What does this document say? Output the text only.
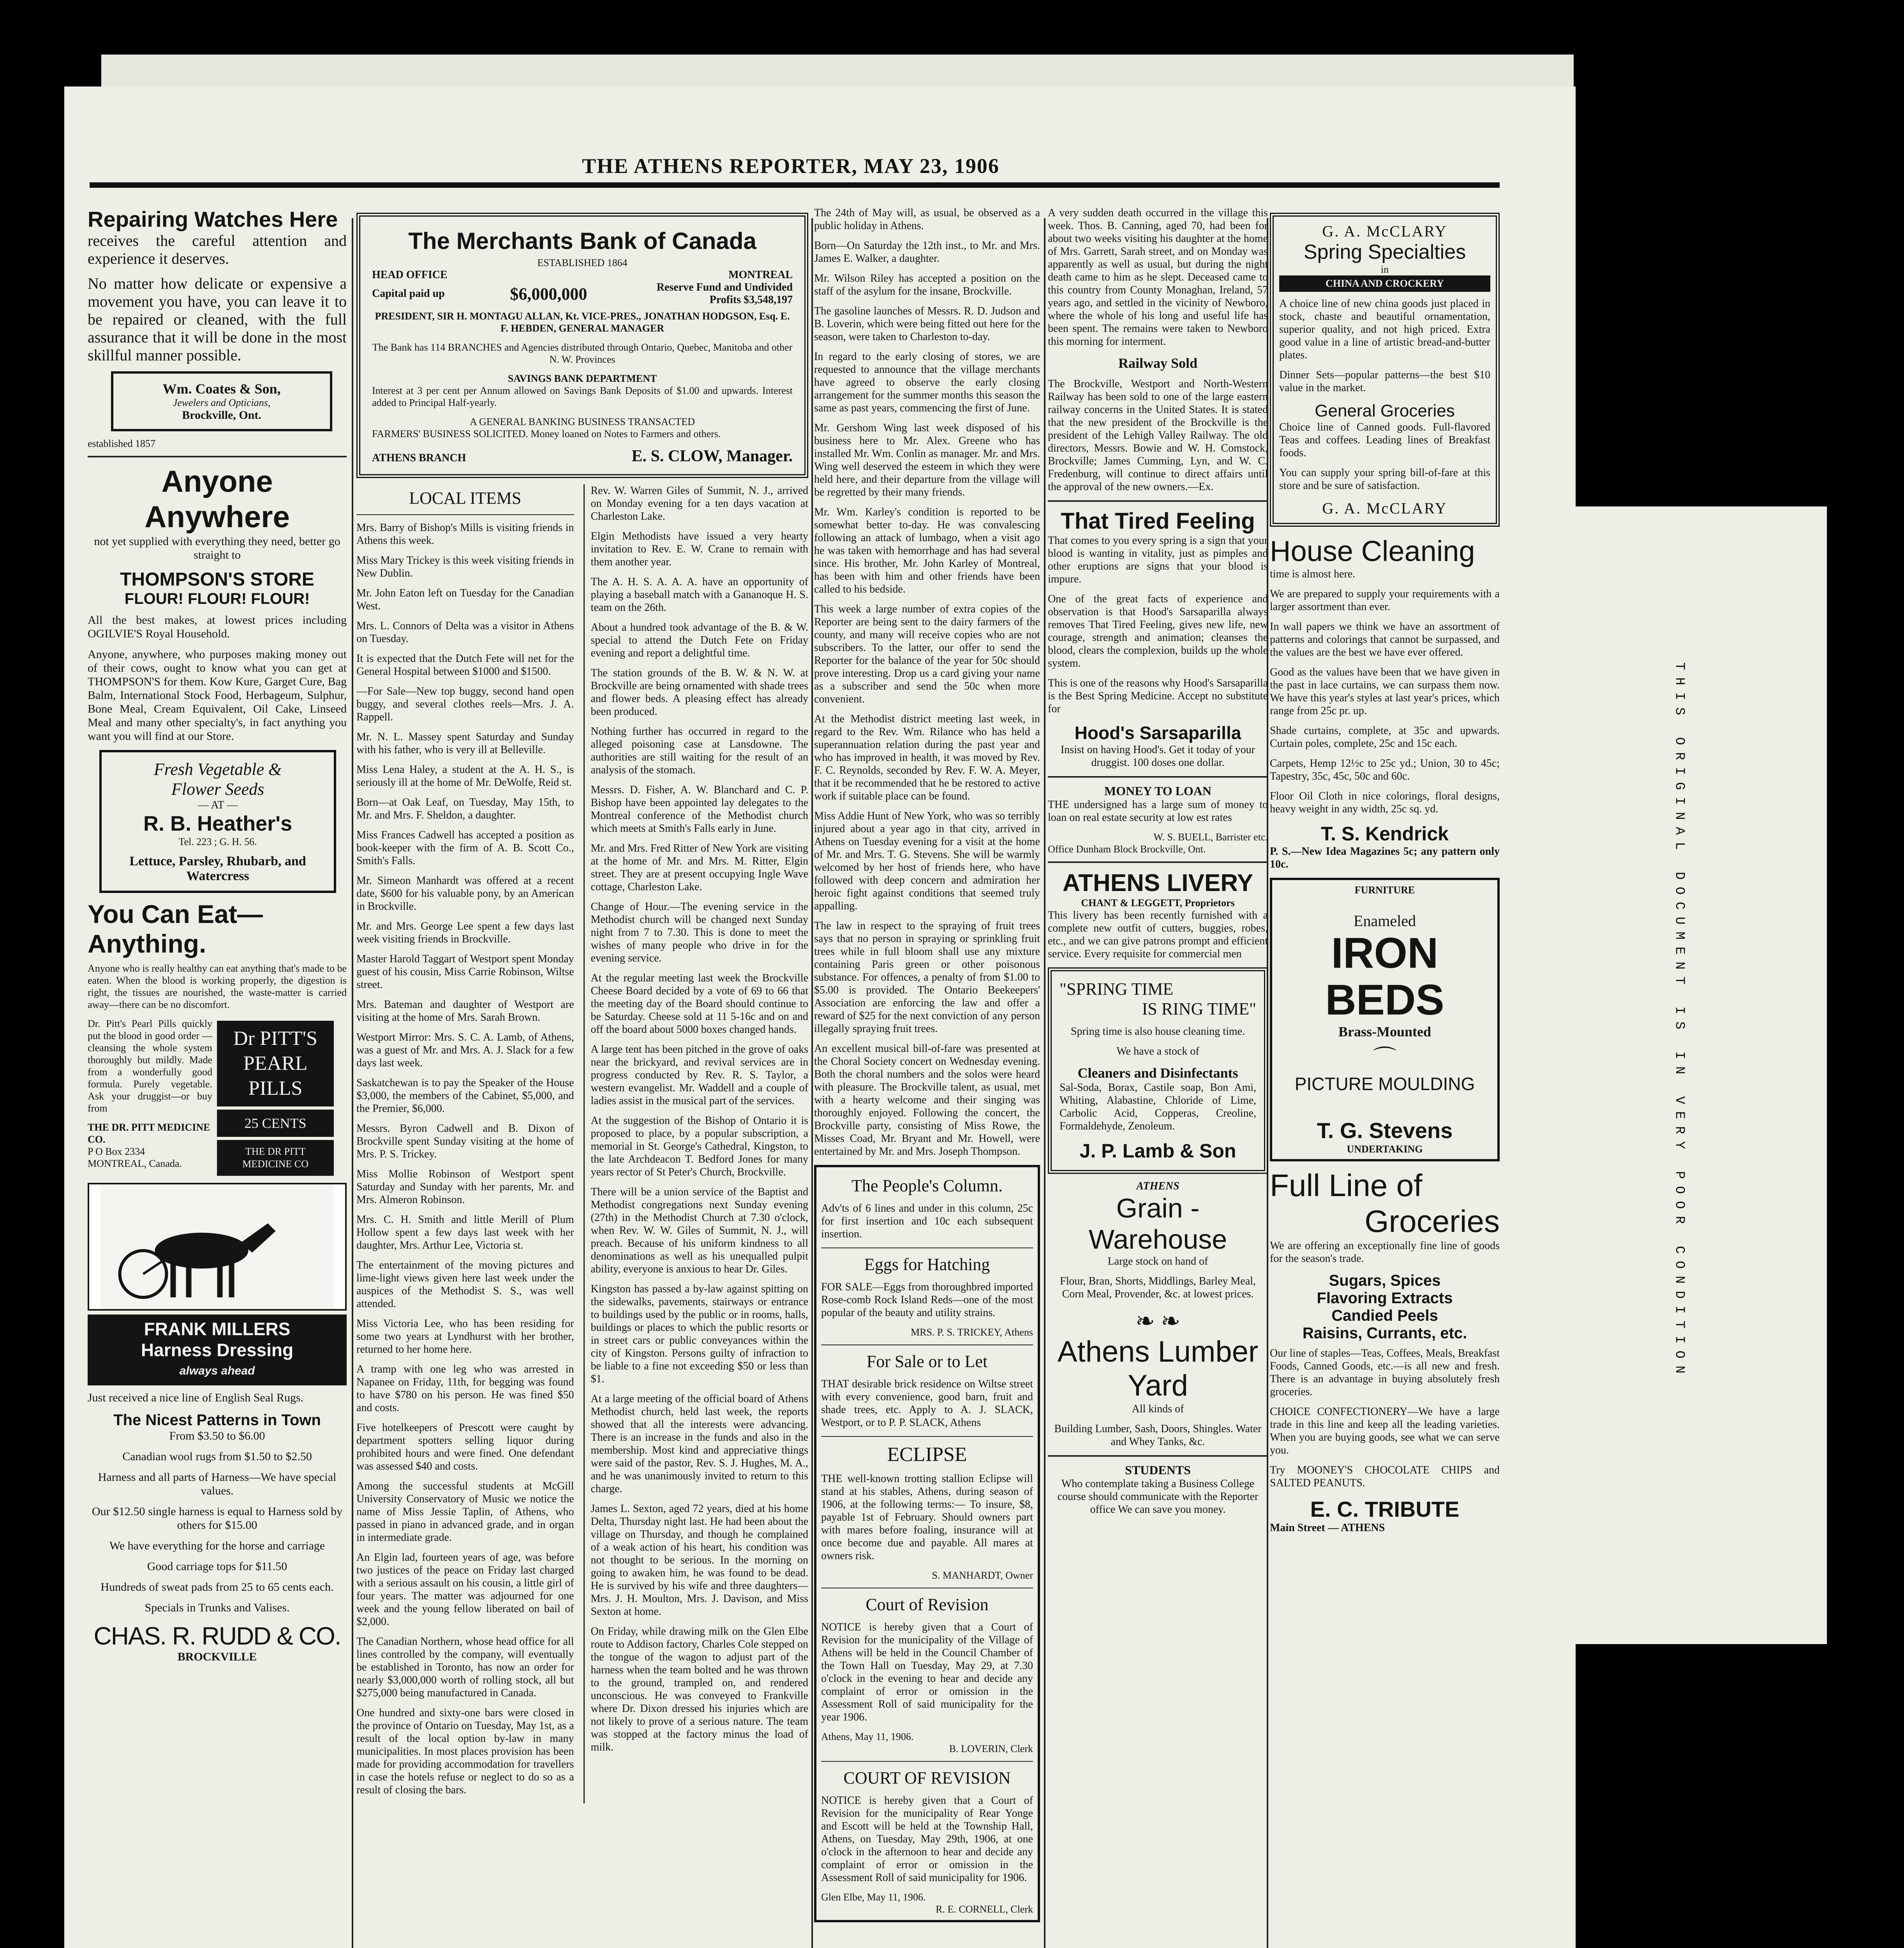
THE ATHENS REPORTER, MAY 23, 1906
Repairing Watches Here

receives the careful attention and experience it deserves.

No matter how delicate or expensive a movement you have, you can leave it to be repaired or cleaned, with the full assurance that it will be done in the most skillful manner possible.

Wm. Coates & Son,
Jewelers and Opticians,
Brockville, Ont.
established 1857
Anyone
Anywhere

not yet supplied with everything they need, better go straight to

THOMPSON'S STORE
FLOUR! FLOUR! FLOUR!

All the best makes, at lowest prices including OGILVIE'S Royal Household.

Anyone, anywhere, who purposes making money out of their cows, ought to know what you can get at THOMPSON'S for them. Kow Kure, Garget Cure, Bag Balm, International Stock Food, Herbageum, Sulphur, Bone Meal, Cream Equivalent, Oil Cake, Linseed Meal and many other specialty's, in fact anything you want you will find at our Store.

Fresh Vegetable &
Flower Seeds
— AT —
R. B. Heather's
Tel. 223 ; G. H. 56.
Lettuce, Parsley, Rhubarb, and Watercress
You Can Eat—
Anything.

Anyone who is really healthy can eat anything that's made to be eaten. When the blood is working properly, the digestion is right, the tissues are nourished, the waste-matter is carried away—there can be no discomfort.

Dr. Pitt's Pearl Pills quickly put the blood in good order — cleansing the whole system thoroughly but mildly. Made from a wonderfully good formula. Purely vegetable. Ask your druggist—or buy from

THE DR. PITT MEDICINE CO.
P O Box 2334
MONTREAL, Canada.
Dr PITT'S PEARL PILLS
25 CENTS
THE DR PITT MEDICINE CO
FRANK MILLERS
Harness Dressing
always ahead

Just received a nice line of English Seal Rugs.

The Nicest Patterns in Town

From $3.50 to $6.00

Canadian wool rugs from $1.50 to $2.50

Harness and all parts of Harness—We have special values.

Our $12.50 single harness is equal to Harness sold by others for $15.00

We have everything for the horse and carriage

Good carriage tops for $11.50

Hundreds of sweat pads from 25 to 65 cents each.

Specials in Trunks and Valises.

CHAS. R. RUDD & CO.
BROCKVILLE
The Merchants Bank of Canada
ESTABLISHED 1864
HEAD OFFICE	MONTREAL
Capital paid up	$6,000,000	Reserve Fund and Undivided Profits $3,548,197

PRESIDENT, SIR H. MONTAGU ALLAN, Kt. VICE-PRES., JONATHAN HODGSON, Esq. E. F. HEBDEN, GENERAL MANAGER

The Bank has 114 BRANCHES and Agencies distributed through Ontario, Quebec, Manitoba and other N. W. Provinces

SAVINGS BANK DEPARTMENT

Interest at 3 per cent per Annum allowed on Savings Bank Deposits of $1.00 and upwards. Interest added to Principal Half-yearly.

A GENERAL BANKING BUSINESS TRANSACTED

FARMERS' BUSINESS SOLICITED. Money loaned on Notes to Farmers and others.

ATHENS BRANCH	E. S. CLOW, Manager.
LOCAL ITEMS

Mrs. Barry of Bishop's Mills is visiting friends in Athens this week.

Miss Mary Trickey is this week visiting friends in New Dublin.

Mr. John Eaton left on Tuesday for the Canadian West.

Mrs. L. Connors of Delta was a visitor in Athens on Tuesday.

It is expected that the Dutch Fete will net for the General Hospital between $1000 and $1500.

—For Sale—New top buggy, second hand open buggy, and several clothes reels—Mrs. J. A. Rappell.

Mr. N. L. Massey spent Saturday and Sunday with his father, who is very ill at Belleville.

Miss Lena Haley, a student at the A. H. S., is seriously ill at the home of Mr. DeWolfe, Reid st.

Born—at Oak Leaf, on Tuesday, May 15th, to Mr. and Mrs. F. Sheldon, a daughter.

Miss Frances Cadwell has accepted a position as book-keeper with the firm of A. B. Scott Co., Smith's Falls.

Mr. Simeon Manhardt was offered at a recent date, $600 for his valuable pony, by an American in Brockville.

Mr. and Mrs. George Lee spent a few days last week visiting friends in Brockville.

Master Harold Taggart of Westport spent Monday guest of his cousin, Miss Carrie Robinson, Wiltse street.

Mrs. Bateman and daughter of Westport are visiting at the home of Mrs. Sarah Brown.

Westport Mirror: Mrs. S. C. A. Lamb, of Athens, was a guest of Mr. and Mrs. A. J. Slack for a few days last week.

Saskatchewan is to pay the Speaker of the House $3,000, the members of the Cabinet, $5,000, and the Premier, $6,000.

Messrs. Byron Cadwell and B. Dixon of Brockville spent Sunday visiting at the home of Mrs. P. S. Trickey.

Miss Mollie Robinson of Westport spent Saturday and Sunday with her parents, Mr. and Mrs. Almeron Robinson.

Mrs. C. H. Smith and little Merill of Plum Hollow spent a few days last week with her daughter, Mrs. Arthur Lee, Victoria st.

The entertainment of the moving pictures and lime-light views given here last week under the auspices of the Methodist S. S., was well attended.

Miss Victoria Lee, who has been residing for some two years at Lyndhurst with her brother, returned to her home here.

A tramp with one leg who was arrested in Napanee on Friday, 11th, for begging was found to have $780 on his person. He was fined $50 and costs.

Five hotelkeepers of Prescott were caught by department spotters selling liquor during prohibited hours and were fined. One defendant was assessed $40 and costs.

Among the successful students at McGill University Conservatory of Music we notice the name of Miss Jessie Taplin, of Athens, who passed in piano in advanced grade, and in organ in intermediate grade.

An Elgin lad, fourteen years of age, was before two justices of the peace on Friday last charged with a serious assault on his cousin, a little girl of four years. The matter was adjourned for one week and the young fellow liberated on bail of $2,000.

The Canadian Northern, whose head office for all lines controlled by the company, will eventually be established in Toronto, has now an order for nearly $3,000,000 worth of rolling stock, all but $275,000 being manufactured in Canada.

One hundred and sixty-one bars were closed in the province of Ontario on Tuesday, May 1st, as a result of the local option by-law in many municipalities. In most places provision has been made for providing accommodation for travellers in case the hotels refuse or neglect to do so as a result of closing the bars.

Rev. W. Warren Giles of Summit, N. J., arrived on Monday evening for a ten days vacation at Charleston Lake.

Elgin Methodists have issued a very hearty invitation to Rev. E. W. Crane to remain with them another year.

The A. H. S. A. A. A. have an opportunity of playing a baseball match with a Gananoque H. S. team on the 26th.

About a hundred took advantage of the B. & W. special to attend the Dutch Fete on Friday evening and report a delightful time.

The station grounds of the B. W. & N. W. at Brockville are being ornamented with shade trees and flower beds. A pleasing effect has already been produced.

Nothing further has occurred in regard to the alleged poisoning case at Lansdowne. The authorities are still waiting for the result of an analysis of the stomach.

Messrs. D. Fisher, A. W. Blanchard and C. P. Bishop have been appointed lay delegates to the Montreal conference of the Methodist church which meets at Smith's Falls early in June.

Mr. and Mrs. Fred Ritter of New York are visiting at the home of Mr. and Mrs. M. Ritter, Elgin street. They are at present occupying Ingle Wave cottage, Charleston Lake.

Change of Hour.—The evening service in the Methodist church will be changed next Sunday night from 7 to 7.30. This is done to meet the wishes of many people who drive in for the evening service.

At the regular meeting last week the Brockville Cheese Board decided by a vote of 69 to 66 that the meeting day of the Board should continue to be Saturday. Cheese sold at 11 5-16c and on and off the board about 5000 boxes changed hands.

A large tent has been pitched in the grove of oaks near the brickyard, and revival services are in progress conducted by Rev. R. S. Taylor, a western evangelist. Mr. Waddell and a couple of ladies assist in the musical part of the services.

At the suggestion of the Bishop of Ontario it is proposed to place, by a popular subscription, a memorial in St. George's Cathedral, Kingston, to the late Archdeacon T. Bedford Jones for many years rector of St Peter's Church, Brockville.

There will be a union service of the Baptist and Methodist congregations next Sunday evening (27th) in the Methodist Church at 7.30 o'clock, when Rev. W. W. Giles of Summit, N. J., will preach. Because of his uniform kindness to all denominations as well as his unequalled pulpit ability, everyone is anxious to hear Dr. Giles.

Kingston has passed a by-law against spitting on the sidewalks, pavements, stairways or entrance to buildings used by the public or in rooms, halls, buildings or places to which the public resorts or in street cars or public conveyances within the city of Kingston. Persons guilty of infraction to be liable to a fine not exceeding $50 or less than $1.

At a large meeting of the official board of Athens Methodist church, held last week, the reports showed that all the interests were advancing. There is an increase in the funds and also in the membership. Most kind and appreciative things were said of the pastor, Rev. S. J. Hughes, M. A., and he was unanimously invited to return to this charge.

James L. Sexton, aged 72 years, died at his home Delta, Thursday night last. He had been about the village on Thursday, and though he complained of a weak action of his heart, his condition was not thought to be serious. In the morning on going to awaken him, he was found to be dead. He is survived by his wife and three daughters—Mrs. J. H. Moulton, Mrs. J. Davison, and Miss Sexton at home.

On Friday, while drawing milk on the Glen Elbe route to Addison factory, Charles Cole stepped on the tongue of the wagon to adjust part of the harness when the team bolted and he was thrown to the ground, trampled on, and rendered unconscious. He was conveyed to Frankville where Dr. Dixon dressed his injuries which are not likely to prove of a serious nature. The team was stopped at the factory minus the load of milk.

The 24th of May will, as usual, be observed as a public holiday in Athens.

Born—On Saturday the 12th inst., to Mr. and Mrs. James E. Walker, a daughter.

Mr. Wilson Riley has accepted a position on the staff of the asylum for the insane, Brockville.

The gasoline launches of Messrs. R. D. Judson and B. Loverin, which were being fitted out here for the season, were taken to Charleston to-day.

In regard to the early closing of stores, we are requested to announce that the village merchants have agreed to observe the early closing arrangement for the summer months this season the same as past years, commencing the first of June.

Mr. Gershom Wing last week disposed of his business here to Mr. Alex. Greene who has installed Mr. Wm. Conlin as manager. Mr. and Mrs. Wing well deserved the esteem in which they were held here, and their departure from the village will be regretted by their many friends.

Mr. Wm. Karley's condition is reported to be somewhat better to-day. He was convalescing following an attack of lumbago, when a visit ago he was taken with hemorrhage and has had several since. His brother, Mr. John Karley of Montreal, has been with him and other friends have been called to his bedside.

This week a large number of extra copies of the Reporter are being sent to the dairy farmers of the county, and many will receive copies who are not subscribers. To the latter, our offer to send the Reporter for the balance of the year for 50c should prove interesting. Drop us a card giving your name as a subscriber and send the 50c when more convenient.

At the Methodist district meeting last week, in regard to the Rev. Wm. Rilance who has held a superannuation relation during the past year and who has improved in health, it was moved by Rev. F. C. Reynolds, seconded by Rev. F. W. A. Meyer, that it be recommended that he be restored to active work if suitable place can be found.

Miss Addie Hunt of New York, who was so terribly injured about a year ago in that city, arrived in Athens on Tuesday evening for a visit at the home of Mr. and Mrs. T. G. Stevens. She will be warmly welcomed by her host of friends here, who have followed with deep concern and admiration her heroic fight against conditions that seemed truly appalling.

The law in respect to the spraying of fruit trees says that no person in spraying or sprinkling fruit trees while in full bloom shall use any mixture containing Paris green or other poisonous substance. For offences, a penalty of from $1.00 to $5.00 is provided. The Ontario Beekeepers' Association are enforcing the law and offer a reward of $25 for the next conviction of any person illegally spraying fruit trees.

An excellent musical bill-of-fare was presented at the Choral Society concert on Wednesday evening. Both the choral numbers and the solos were heard with pleasure. The Brockville talent, as usual, met with a hearty welcome and their singing was thoroughly enjoyed. Following the concert, the Brockville party, consisting of Miss Rowe, the Misses Coad, Mr. Bryant and Mr. Howell, were entertained by Mr. and Mrs. Joseph Thompson.

The People's Column.

Adv'ts of 6 lines and under in this column, 25c for first insertion and 10c each subsequent insertion.

Eggs for Hatching

FOR SALE—Eggs from thoroughbred imported Rose-comb Rock Island Reds—one of the most popular of the beauty and utility strains.

MRS. P. S. TRICKEY, Athens
For Sale or to Let

THAT desirable brick residence on Wiltse street with every convenience, good barn, fruit and shade trees, etc. Apply to A. J. SLACK, Westport, or to P. P. SLACK, Athens

ECLIPSE

THE well-known trotting stallion Eclipse will stand at his stables, Athens, during season of 1906, at the following terms:— To insure, $8, payable 1st of February. Should owners part with mares before foaling, insurance will at once become due and payable. All mares at owners risk.

S. MANHARDT, Owner
Court of Revision

NOTICE is hereby given that a Court of Revision for the municipality of the Village of Athens will be held in the Council Chamber of the Town Hall on Tuesday, May 29, at 7.30 o'clock in the evening to hear and decide any complaint of error or omission in the Assessment Roll of said municipality for the year 1906.

Athens, May 11, 1906.
B. LOVERIN, Clerk
COURT OF REVISION

NOTICE is hereby given that a Court of Revision for the municipality of Rear Yonge and Escott will be held at the Township Hall, Athens, on Tuesday, May 29th, 1906, at one o'clock in the afternoon to hear and decide any complaint of error or omission in the Assessment Roll of said municipality for 1906.

Glen Elbe, May 11, 1906.
R. E. CORNELL, Clerk

A very sudden death occurred in the village this week. Thos. B. Canning, aged 70, had been for about two weeks visiting his daughter at the home of Mrs. Garrett, Sarah street, and on Monday was apparently as well as usual, but during the night death came to him as he slept. Deceased came to this country from County Monaghan, Ireland, 57 years ago, and settled in the vicinity of Newboro, where the whole of his long and useful life has been spent. The remains were taken to Newboro this morning for interment.

Railway Sold

The Brockville, Westport and North-Western Railway has been sold to one of the large eastern railway concerns in the United States. It is stated that the new president of the Brockville is the president of the Lehigh Valley Railway. The old directors, Messrs. Bowie and W. H. Comstock, Brockville; James Cumming, Lyn, and W. C. Fredenburg, will continue to direct affairs until the approval of the new owners.—Ex.

That Tired Feeling

That comes to you every spring is a sign that your blood is wanting in vitality, just as pimples and other eruptions are signs that your blood is impure.

One of the great facts of experience and observation is that Hood's Sarsaparilla always removes That Tired Feeling, gives new life, new courage, strength and animation; cleanses the blood, clears the complexion, builds up the whole system.

This is one of the reasons why Hood's Sarsaparilla is the Best Spring Medicine. Accept no substitute for

Hood's Sarsaparilla

Insist on having Hood's. Get it today of your druggist. 100 doses one dollar.

MONEY TO LOAN

THE undersigned has a large sum of money to loan on real estate security at low est rates

W. S. BUELL, Barrister etc.
Office Dunham Block Brockville, Ont.
ATHENS LIVERY
CHANT & LEGGETT, Proprietors

This livery has been recently furnished with a complete new outfit of cutters, buggies, robes, etc., and we can give patrons prompt and efficient service. Every requisite for commercial men

"SPRING TIME
IS RING TIME"

Spring time is also house cleaning time.

We have a stock of

Cleaners and Disinfectants

Sal-Soda, Borax, Castile soap, Bon Ami, Whiting, Alabastine, Chloride of Lime, Carbolic Acid, Copperas, Creoline, Formaldehyde, Zenoleum.

J. P. Lamb & Son
ATHENS
Grain - Warehouse

Large stock on hand of

Flour, Bran, Shorts, Middlings, Barley Meal, Corn Meal, Provender, &c. at lowest prices.

❧ ❧
Athens Lumber Yard

All kinds of

Building Lumber, Sash, Doors, Shingles. Water and Whey Tanks, &c.

STUDENTS

Who contemplate taking a Business College course should communicate with the Reporter office We can save you money.

G. A. McCLARY
Spring Specialties
in
CHINA AND CROCKERY

A choice line of new china goods just placed in stock, chaste and beautiful ornamentation, superior quality, and not high priced. Extra good value in a line of artistic bread-and-butter plates.

Dinner Sets—popular patterns—the best $10 value in the market.

General Groceries

Choice line of Canned goods. Full-flavored Teas and coffees. Leading lines of Breakfast foods.

You can supply your spring bill-of-fare at this store and be sure of satisfaction.

G. A. McCLARY
House Cleaning

time is almost here.

We are prepared to supply your requirements with a larger assortment than ever.

In wall papers we think we have an assortment of patterns and colorings that cannot be surpassed, and the values are the best we have ever offered.

Good as the values have been that we have given in the past in lace curtains, we can surpass them now. We have this year's styles at last year's prices, which range from 25c pr. up.

Shade curtains, complete, at 35c and upwards. Curtain poles, complete, 25c and 15c each.

Carpets, Hemp 12½c to 25c yd.; Union, 30 to 45c; Tapestry, 35c, 45c, 50c and 60c.

Floor Oil Cloth in nice colorings, floral designs, heavy weight in any width, 25c sq. yd.

T. S. Kendrick

P. S.—New Idea Magazines 5c; any pattern only 10c.

FURNITURE
Enameled
IRON BEDS
Brass-Mounted
⌒
PICTURE MOULDING
T. G. Stevens
UNDERTAKING
Full Line of
Groceries

We are offering an exceptionally fine line of goods for the season's trade.

Sugars, Spices
Flavoring Extracts
Candied Peels
Raisins, Currants, etc.

Our line of staples—Teas, Coffees, Meals, Breakfast Foods, Canned Goods, etc.—is all new and fresh. There is an advantage in buying absolutely fresh groceries.

CHOICE CONFECTIONERY—We have a large trade in this line and keep all the leading varieties. When you are buying goods, see what we can serve you.

Try MOONEY'S CHOCOLATE CHIPS and SALTED PEANUTS.

E. C. TRIBUTE
Main Street — ATHENS
THIS ORIGINAL DOCUMENT IS IN VERY POOR CONDITION
